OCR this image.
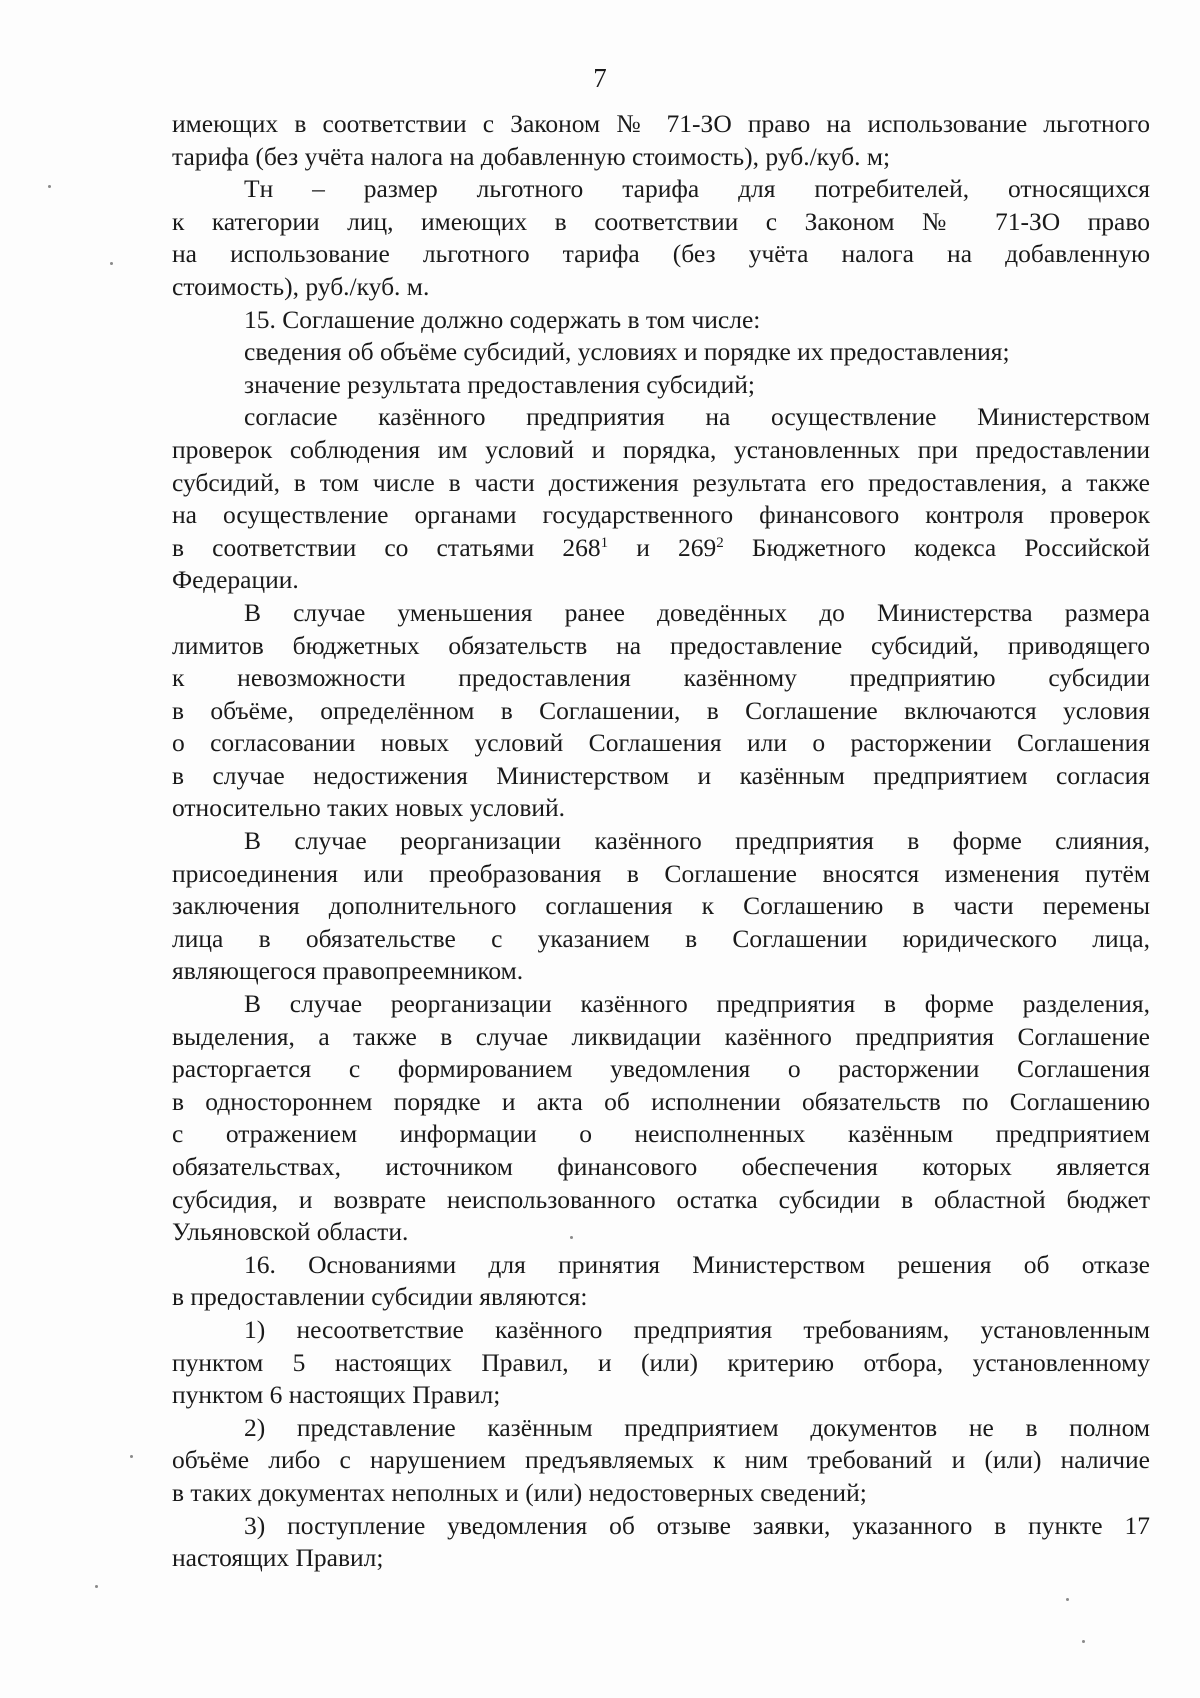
7
имеющих в соответствии с Законом № 71-ЗО право на использование льготного
тарифа (без учёта налога на добавленную стоимость), руб./куб. м;
Тн – размер льготного тарифа для потребителей, относящихся
к категории лиц, имеющих в соответствии с Законом № 71-ЗО право
на использование льготного тарифа (без учёта налога на добавленную
стоимость), руб./куб. м.
15. Соглашение должно содержать в том числе:
сведения об объёме субсидий, условиях и порядке их предоставления;
значение результата предоставления субсидий;
согласие казённого предприятия на осуществление Министерством
проверок соблюдения им условий и порядка, установленных при предоставлении
субсидий, в том числе в части достижения результата его предоставления, а также
на осуществление органами государственного финансового контроля проверок
в соответствии со статьями $268^1$ и $269^2$ Бюджетного кодекса Российской
Федерации.
В случае уменьшения ранее доведённых до Министерства размера
лимитов бюджетных обязательств на предоставление субсидий, приводящего
к невозможности предоставления казённому предприятию субсидии
в объёме, определённом в Соглашении, в Соглашение включаются условия
о согласовании новых условий Соглашения или о расторжении Соглашения
в случае недостижения Министерством и казённым предприятием согласия
относительно таких новых условий.
В случае реорганизации казённого предприятия в форме слияния,
присоединения или преобразования в Соглашение вносятся изменения путём
заключения дополнительного соглашения к Соглашению в части перемены
лица в обязательстве с указанием в Соглашении юридического лица,
являющегося правопреемником.
В случае реорганизации казённого предприятия в форме разделения,
выделения, а также в случае ликвидации казённого предприятия Соглашение
расторгается с формированием уведомления о расторжении Соглашения
в одностороннем порядке и акта об исполнении обязательств по Соглашению
с отражением информации о неисполненных казённым предприятием
обязательствах, источником финансового обеспечения которых является
субсидия, и возврате неиспользованного остатка субсидии в областной бюджет
Ульяновской области.
16. Основаниями для принятия Министерством решения об отказе
в предоставлении субсидии являются:
1) несоответствие казённого предприятия требованиям, установленным
пунктом 5 настоящих Правил, и (или) критерию отбора, установленному
пунктом 6 настоящих Правил;
2) представление казённым предприятием документов не в полном
объёме либо с нарушением предъявляемых к ним требований и (или) наличие
в таких документах неполных и (или) недостоверных сведений;
3) поступление уведомления об отзыве заявки, указанного в пункте 17
настоящих Правил;
